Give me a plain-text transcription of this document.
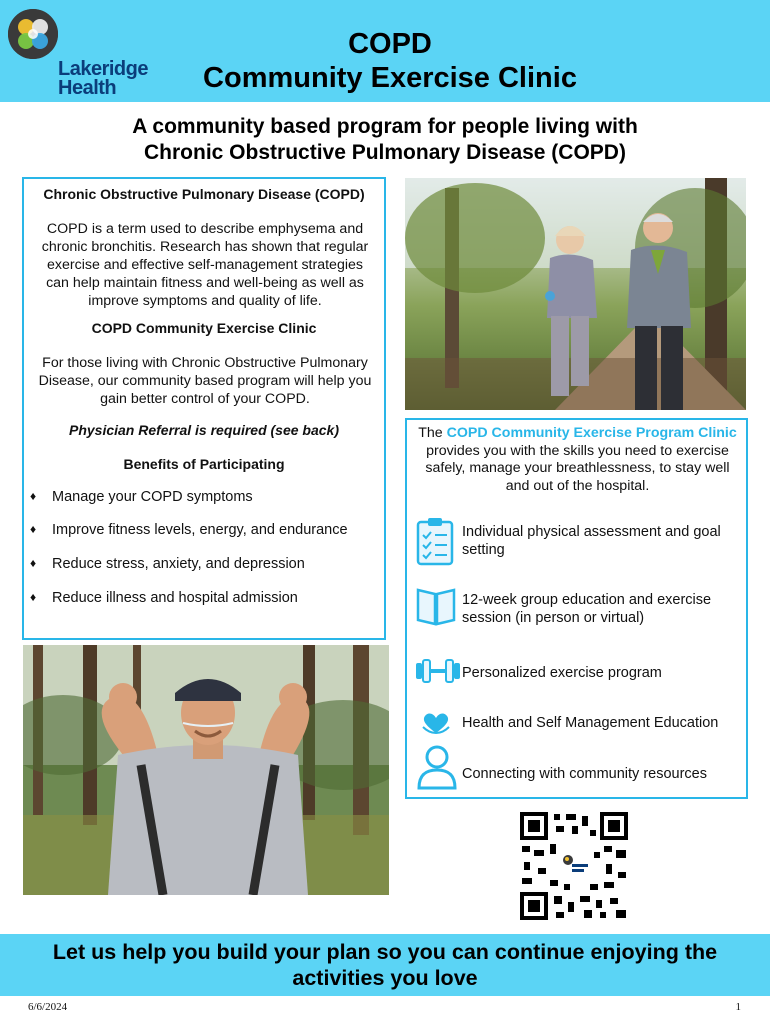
Lakeridge
Health
COPD
Community Exercise Clinic
A community based program for people living with
Chronic Obstructive Pulmonary Disease (COPD)
Chronic Obstructive Pulmonary Disease (COPD)
COPD is a term used to describe emphysema and
chronic bronchitis. Research has shown that regular
exercise and effective self-management strategies
can help maintain fitness and well-being as well as
improve symptoms and quality of life.
COPD Community Exercise Clinic
For those living with Chronic Obstructive Pulmonary
Disease, our community based program will help you
gain better control of your COPD.
Physician Referral is required (see back)
Benefits of Participating
♦ Manage your COPD symptoms
♦ Improve fitness levels, energy, and endurance
♦ Reduce stress, anxiety, and depression
♦ Reduce illness and hospital admission
The COPD Community Exercise Program Clinic
provides you with the skills you need to exercise
safely, manage your breathlessness, to stay well
and out of the hospital.
Individual physical assessment and goal
setting
12-week group education and exercise
session (in person or virtual)
Personalized exercise program
Health and Self Management Education
Connecting with community resources
Let us help you build your plan so you can continue enjoying the
activities you love
6/6/2024	1
